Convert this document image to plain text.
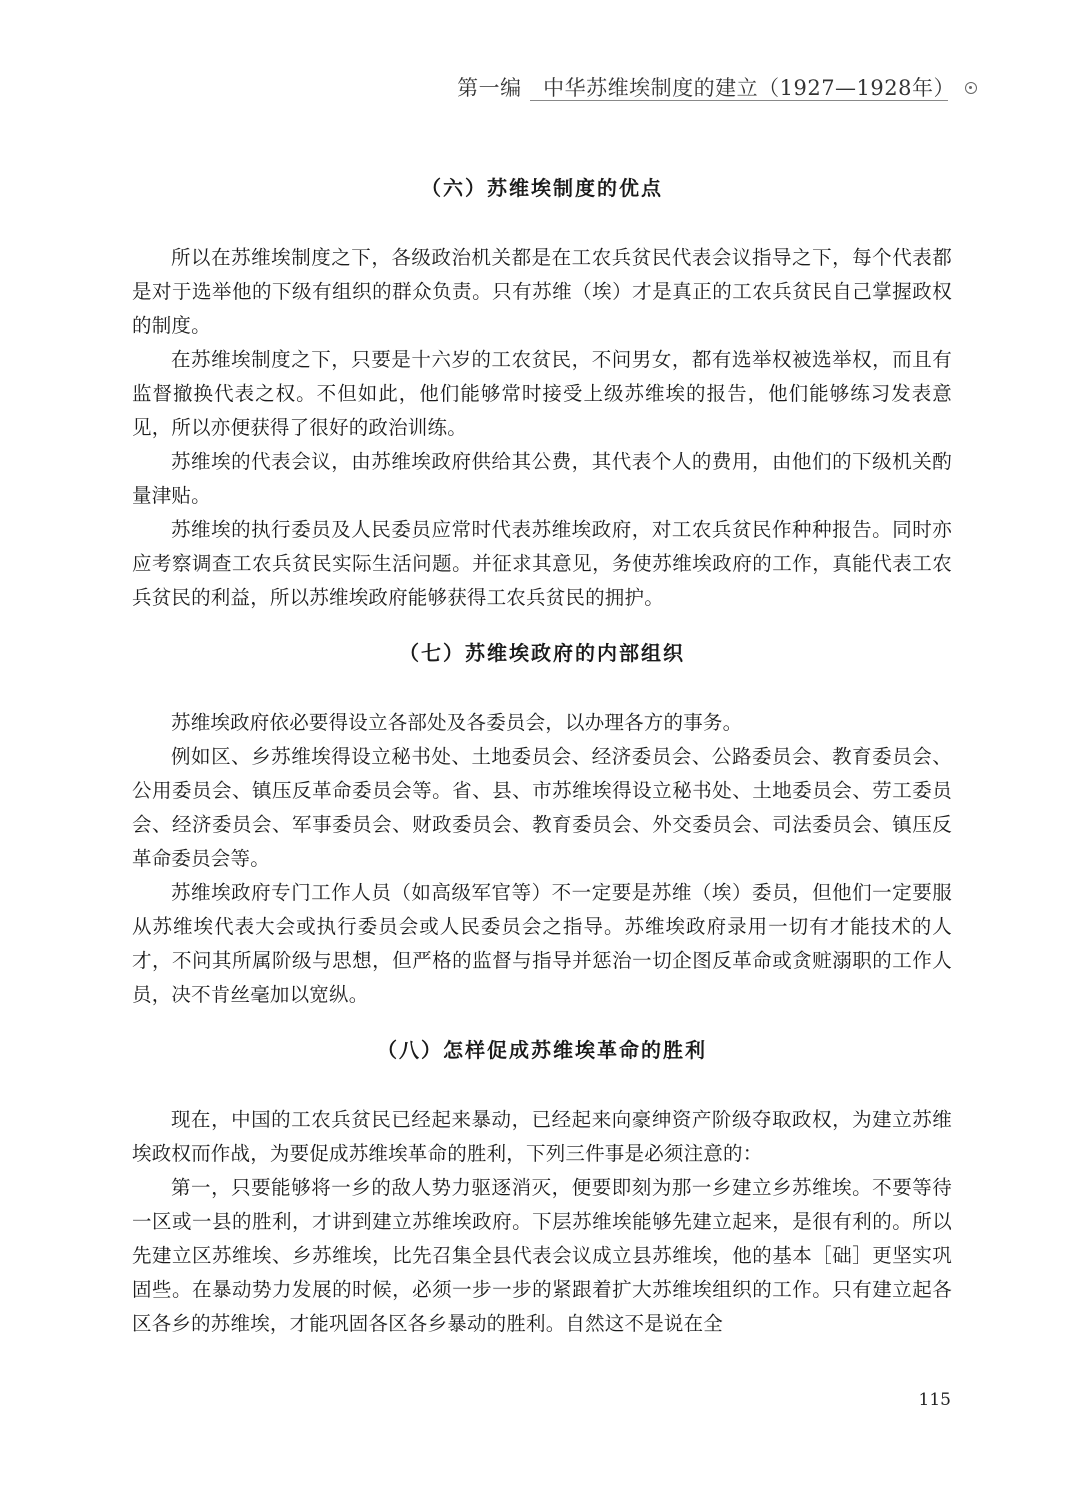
第一编　中华苏维埃制度的建立（1927—1928年）
（六）苏维埃制度的优点

所以在苏维埃制度之下，各级政治机关都是在工农兵贫民代表会议指导之下，每个代表都是对于选举他的下级有组织的群众负责。只有苏维（埃）才是真正的工农兵贫民自己掌握政权的制度。

在苏维埃制度之下，只要是十六岁的工农贫民，不问男女，都有选举权被选举权，而且有监督撤换代表之权。不但如此，他们能够常时接受上级苏维埃的报告，他们能够练习发表意见，所以亦便获得了很好的政治训练。

苏维埃的代表会议，由苏维埃政府供给其公费，其代表个人的费用，由他们的下级机关酌量津贴。

苏维埃的执行委员及人民委员应常时代表苏维埃政府，对工农兵贫民作种种报告。同时亦应考察调查工农兵贫民实际生活问题。并征求其意见，务使苏维埃政府的工作，真能代表工农兵贫民的利益，所以苏维埃政府能够获得工农兵贫民的拥护。

（七）苏维埃政府的内部组织

苏维埃政府依必要得设立各部处及各委员会，以办理各方的事务。

例如区、乡苏维埃得设立秘书处、土地委员会、经济委员会、公路委员会、教育委员会、公用委员会、镇压反革命委员会等。省、县、市苏维埃得设立秘书处、土地委员会、劳工委员会、经济委员会、军事委员会、财政委员会、教育委员会、外交委员会、司法委员会、镇压反革命委员会等。

苏维埃政府专门工作人员（如高级军官等）不一定要是苏维（埃）委员，但他们一定要服从苏维埃代表大会或执行委员会或人民委员会之指导。苏维埃政府录用一切有才能技术的人才，不问其所属阶级与思想，但严格的监督与指导并惩治一切企图反革命或贪赃溺职的工作人员，决不肯丝毫加以宽纵。

（八）怎样促成苏维埃革命的胜利

现在，中国的工农兵贫民已经起来暴动，已经起来向豪绅资产阶级夺取政权，为建立苏维埃政权而作战，为要促成苏维埃革命的胜利，下列三件事是必须注意的：

第一，只要能够将一乡的敌人势力驱逐消灭，便要即刻为那一乡建立乡苏维埃。不要等待一区或一县的胜利，才讲到建立苏维埃政府。下层苏维埃能够先建立起来，是很有利的。所以先建立区苏维埃、乡苏维埃，比先召集全县代表会议成立县苏维埃，他的基本［础］更坚实巩固些。在暴动势力发展的时候，必须一步一步的紧跟着扩大苏维埃组织的工作。只有建立起各区各乡的苏维埃，才能巩固各区各乡暴动的胜利。自然这不是说在全

115
